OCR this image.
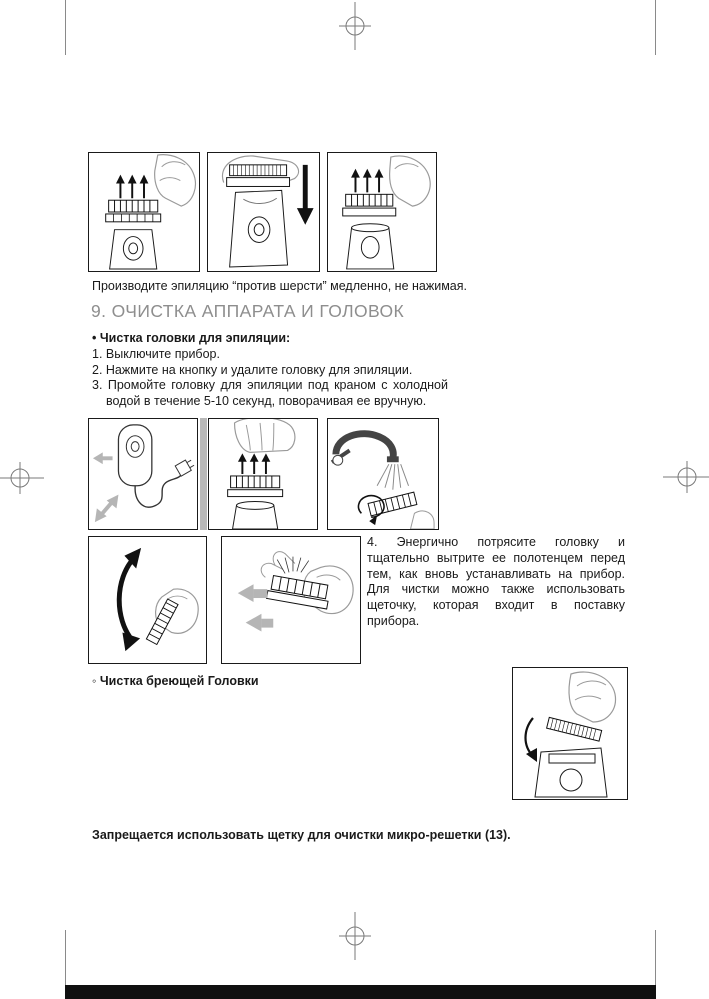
Производите эпиляцию “против шерсти” медленно, не нажимая.
9. ОЧИСТКА АППАРАТА И ГОЛОВОК
• Чистка головки для эпиляции:

1. Выключите прибор.

2. Нажмите на кнопку и удалите головку для эпиляции.

3. Промойте головку для эпиляции под краном с холодной водой в течение 5-10 секунд, поворачивая ее вручную.

4. Энергично потрясите головку и тщательно вытрите ее полотенцем перед тем, как вновь устанавливать на прибор. Для чистки можно также использовать щеточку, которая входит в поставку прибора.
◦ Чистка бреющей Головки
Запрещается использовать щетку для очистки микро-решетки (13).
